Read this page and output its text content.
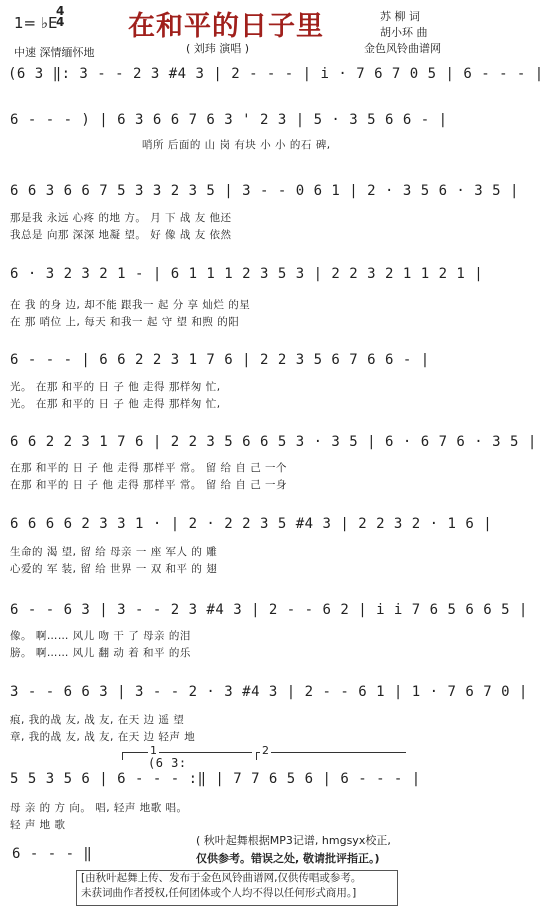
1= ♭E
4
4 在和平的日子里	苏 柳 词
胡小环 曲
金色风铃曲谱网
中速 深情缅怀地	( 刘玮 演唱 )
(6 3 ‖: 3 - - 2 3 #4 3 | 2 - - - | i · 7 6 7 0 5 | 6 - - - |
6 - - - ) | 6 3 6 6 7 6 3 ' 2 3 | 5 · 3 5 6 6 - |
哨所 后面的 山 岗 有块 小 小 的石 碑,
6 6 3 6 6 7 5 3 3 2 3 5 | 3 - - 0 6 1 | 2 · 3 5 6 · 3 5 |
那是我 永远 心疼 的地 方。 月 下 战 友 他还
我总是 向那 深深 地凝 望。 好 像 战 友 依然
6 · 3 2 3 2 1 - | 6 1 1 1 2 3 5 3 | 2 2 3 2 1 1 2 1 |
在 我 的身 边, 却不能 跟我一 起 分 享 灿烂 的星
在 那 哨位 上, 每天 和我一 起 守 望 和煦 的阳
6 - - - | 6 6 2 2 3 1 7 6 | 2 2 3 5 6 7 6 6 - |
光。 在那 和平的 日 子 他 走得 那样匆 忙,
光。 在那 和平的 日 子 他 走得 那样匆 忙,
6 6 2 2 3 1 7 6 | 2 2 3 5 6 6 5 3 · 3 5 | 6 · 6 7 6 · 3 5 |
在那 和平的 日 子 他 走得 那样平 常。 留 给 自 己 一个
在那 和平的 日 子 他 走得 那样平 常。 留 给 自 己 一身
6 6 6 6 2 3 3 1 · | 2 · 2 2 3 5 #4 3 | 2 2 3 2 · 1 6 |
生命的 渴 望, 留 给 母亲 一 座 军人 的 雕
心爱的 军 装, 留 给 世界 一 双 和平 的 翅
6 - - 6 3 | 3 - - 2 3 #4 3 | 2 - - 6 2 | i i 7 6 5 6 6 5 |
像。 啊…… 风儿 吻 干 了 母亲 的泪
膀。 啊…… 风儿 翻 动 着 和平 的乐
3 - - 6 6 3 | 3 - - 2 · 3 #4 3 | 2 - - 6 1 | 1 · 7 6 7 0 |
痕, 我的战 友, 战 友, 在天 边 遥 望
章, 我的战 友, 战 友, 在天 边 轻声 地
1	2
(6 3:
5 5 3 5 6 | 6 - - - :‖ | 7 7 6 5 6 | 6 - - - |
母 亲 的 方 向。 唱, 轻声 地歌 唱。
轻 声 地 歌
6 - - - ‖
( 秋叶起舞根据MP3记谱, hmgsyx校正,
仅供参考。错误之处, 敬请批评指正。)
[由秋叶起舞上传、发布于金色风铃曲谱网,仅供传唱或参考。
未获词曲作者授权,任何团体或个人均不得以任何形式商用。]
